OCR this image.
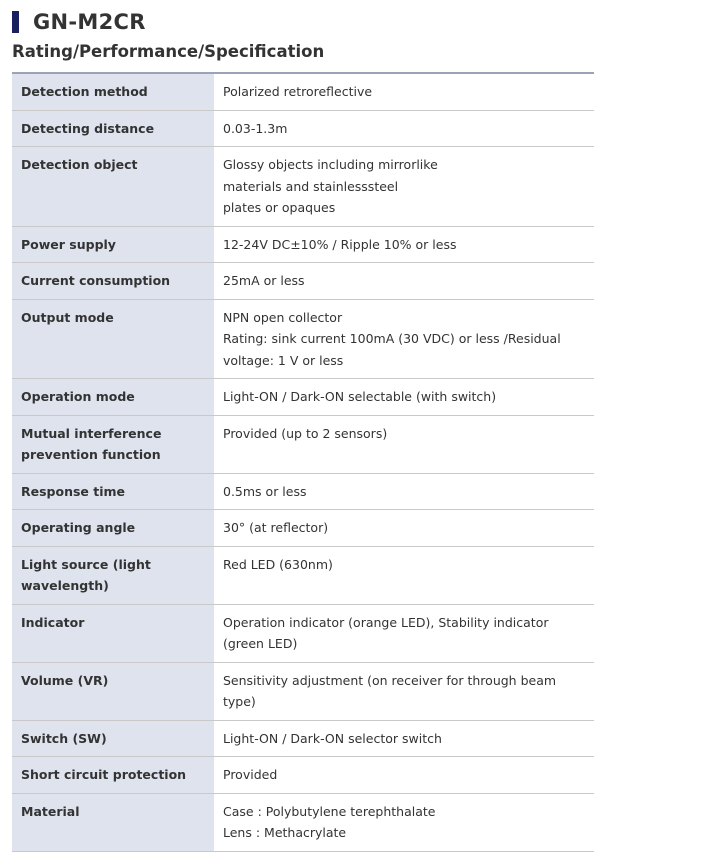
GN-M2CR
Rating/Performance/Specification
Detection method	Polarized retroreflective

Detecting distance	0.03-1.3m

Detection object	Glossy objects including mirrorlike
materials and stainlesssteel
plates or opaques

Power supply	12-24V DC±10% / Ripple 10% or less

Current consumption	25mA or less

Output mode	NPN open collector
Rating: sink current 100mA (30 VDC) or less /Residual
voltage: 1 V or less

Operation mode	Light-ON / Dark-ON selectable (with switch)

Mutual interference prevention function	Provided (up to 2 sensors)

Response time	0.5ms or less

Operating angle	30° (at reflector)

Light source (light wavelength)	Red LED (630nm)

Indicator	Operation indicator (orange LED), Stability indicator (green LED)

Volume (VR)	Sensitivity adjustment (on receiver for through beam type)

Switch (SW)	Light-ON / Dark-ON selector switch

Short circuit protection	Provided

Material	Case : Polybutylene terephthalate
Lens : Methacrylate
